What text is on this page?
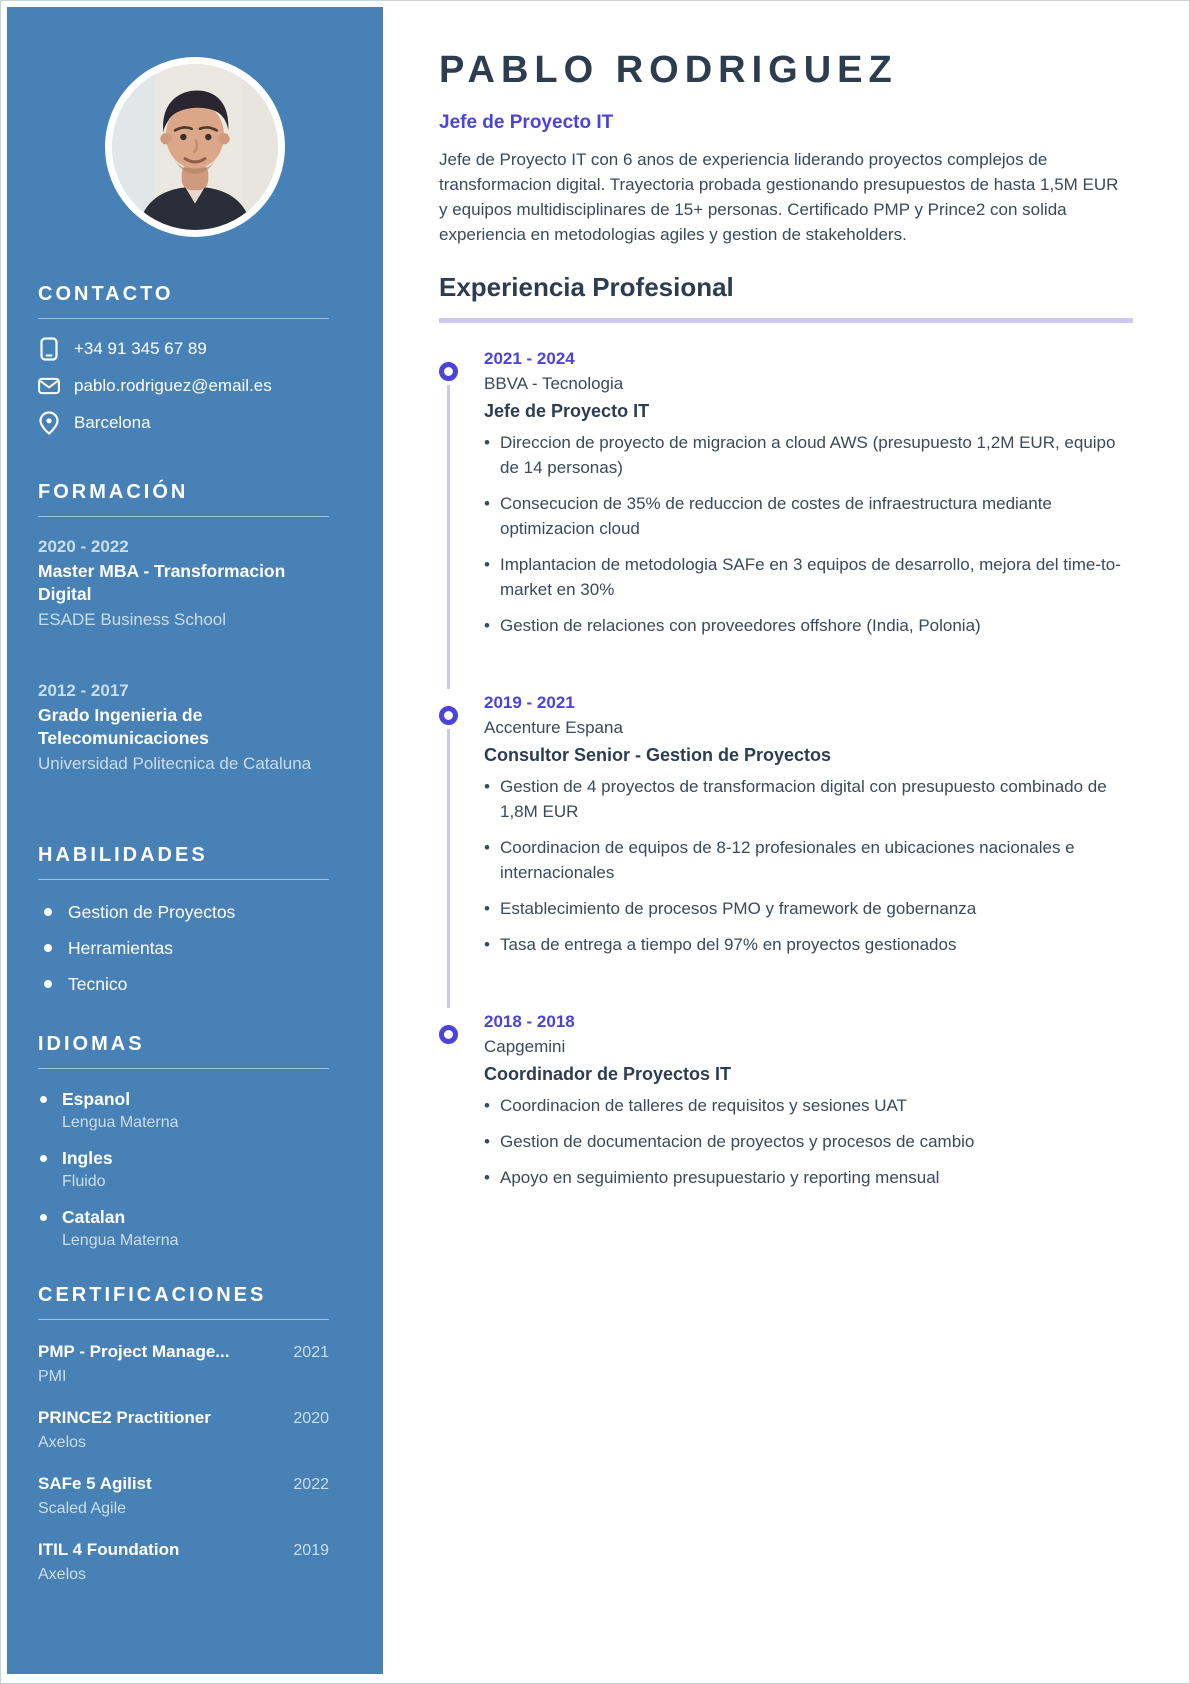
CONTACTO
+34 91 345 67 89
pablo.rodriguez@email.es
Barcelona
FORMACIÓN
2020 - 2022
Master MBA - Transformacion Digital
ESADE Business School
2012 - 2017
Grado Ingenieria de Telecomunicaciones
Universidad Politecnica de Cataluna
HABILIDADES
Gestion de Proyectos
Herramientas
Tecnico
IDIOMAS
Espanol
Lengua Materna
Ingles
Fluido
Catalan
Lengua Materna
CERTIFICACIONES
PMP - Project Manage...	2021
PMI
PRINCE2 Practitioner	2020
Axelos
SAFe 5 Agilist	2022
Scaled Agile
ITIL 4 Foundation	2019
Axelos
PABLO RODRIGUEZ
Jefe de Proyecto IT

Jefe de Proyecto IT con 6 anos de experiencia liderando proyectos complejos de transformacion digital. Trayectoria probada gestionando presupuestos de hasta 1,5M EUR y equipos multidisciplinares de 15+ personas. Certificado PMP y Prince2 con solida experiencia en metodologias agiles y gestion de stakeholders.

Experiencia Profesional
2021 - 2024
BBVA - Tecnologia
Jefe de Proyecto IT
• Direccion de proyecto de migracion a cloud AWS (presupuesto 1,2M EUR, equipo de 14 personas)
• Consecucion de 35% de reduccion de costes de infraestructura mediante optimizacion cloud
• Implantacion de metodologia SAFe en 3 equipos de desarrollo, mejora del time-to-market en 30%
• Gestion de relaciones con proveedores offshore (India, Polonia)
2019 - 2021
Accenture Espana
Consultor Senior - Gestion de Proyectos
• Gestion de 4 proyectos de transformacion digital con presupuesto combinado de 1,8M EUR
• Coordinacion de equipos de 8-12 profesionales en ubicaciones nacionales e internacionales
• Establecimiento de procesos PMO y framework de gobernanza
• Tasa de entrega a tiempo del 97% en proyectos gestionados
2018 - 2018
Capgemini
Coordinador de Proyectos IT
• Coordinacion de talleres de requisitos y sesiones UAT
• Gestion de documentacion de proyectos y procesos de cambio
• Apoyo en seguimiento presupuestario y reporting mensual
